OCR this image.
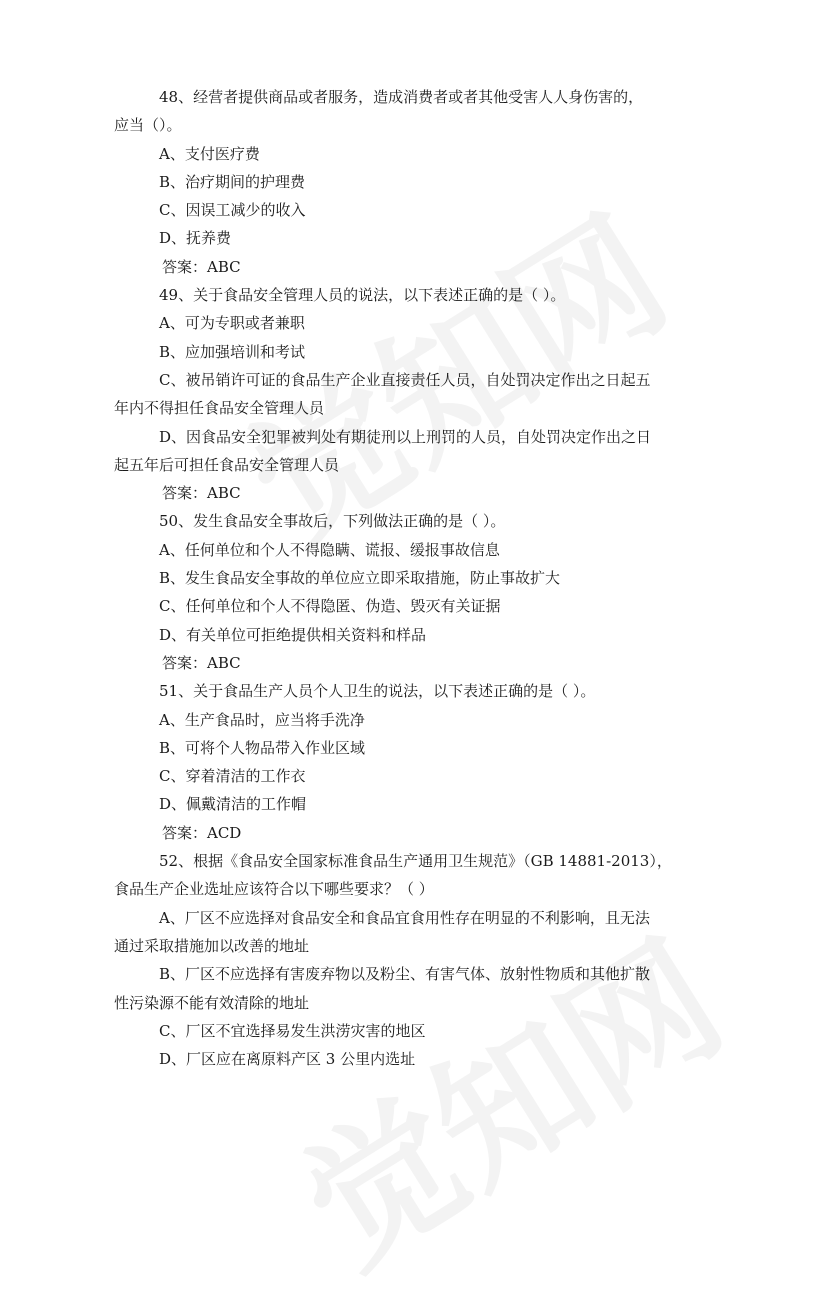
48、经营者提供商品或者服务，造成消费者或者其他受害人人身伤害的，
应当（）。
A、支付医疗费
B、治疗期间的护理费
C、因误工减少的收入
D、抚养费
答案：ABC
49、关于食品安全管理人员的说法，以下表述正确的是（ ）。
A、可为专职或者兼职
B、应加强培训和考试
C、被吊销许可证的食品生产企业直接责任人员，自处罚决定作出之日起五
年内不得担任食品安全管理人员
D、因食品安全犯罪被判处有期徒刑以上刑罚的人员，自处罚决定作出之日
起五年后可担任食品安全管理人员
答案：ABC
50、发生食品安全事故后，下列做法正确的是（ ）。
A、任何单位和个人不得隐瞒、谎报、缓报事故信息
B、发生食品安全事故的单位应立即采取措施，防止事故扩大
C、任何单位和个人不得隐匿、伪造、毁灭有关证据
D、有关单位可拒绝提供相关资料和样品
答案：ABC
51、关于食品生产人员个人卫生的说法，以下表述正确的是（ ）。
A、生产食品时，应当将手洗净
B、可将个人物品带入作业区域
C、穿着清洁的工作衣
D、佩戴清洁的工作帽
答案：ACD
52、根据《食品安全国家标准食品生产通用卫生规范》（GB 14881-2013），
食品生产企业选址应该符合以下哪些要求？（ ）
A、厂区不应选择对食品安全和食品宜食用性存在明显的不利影响，且无法
通过采取措施加以改善的地址
B、厂区不应选择有害废弃物以及粉尘、有害气体、放射性物质和其他扩散
性污染源不能有效清除的地址
C、厂区不宜选择易发生洪涝灾害的地区
D、厂区应在离原料产区 3 公里内选址
